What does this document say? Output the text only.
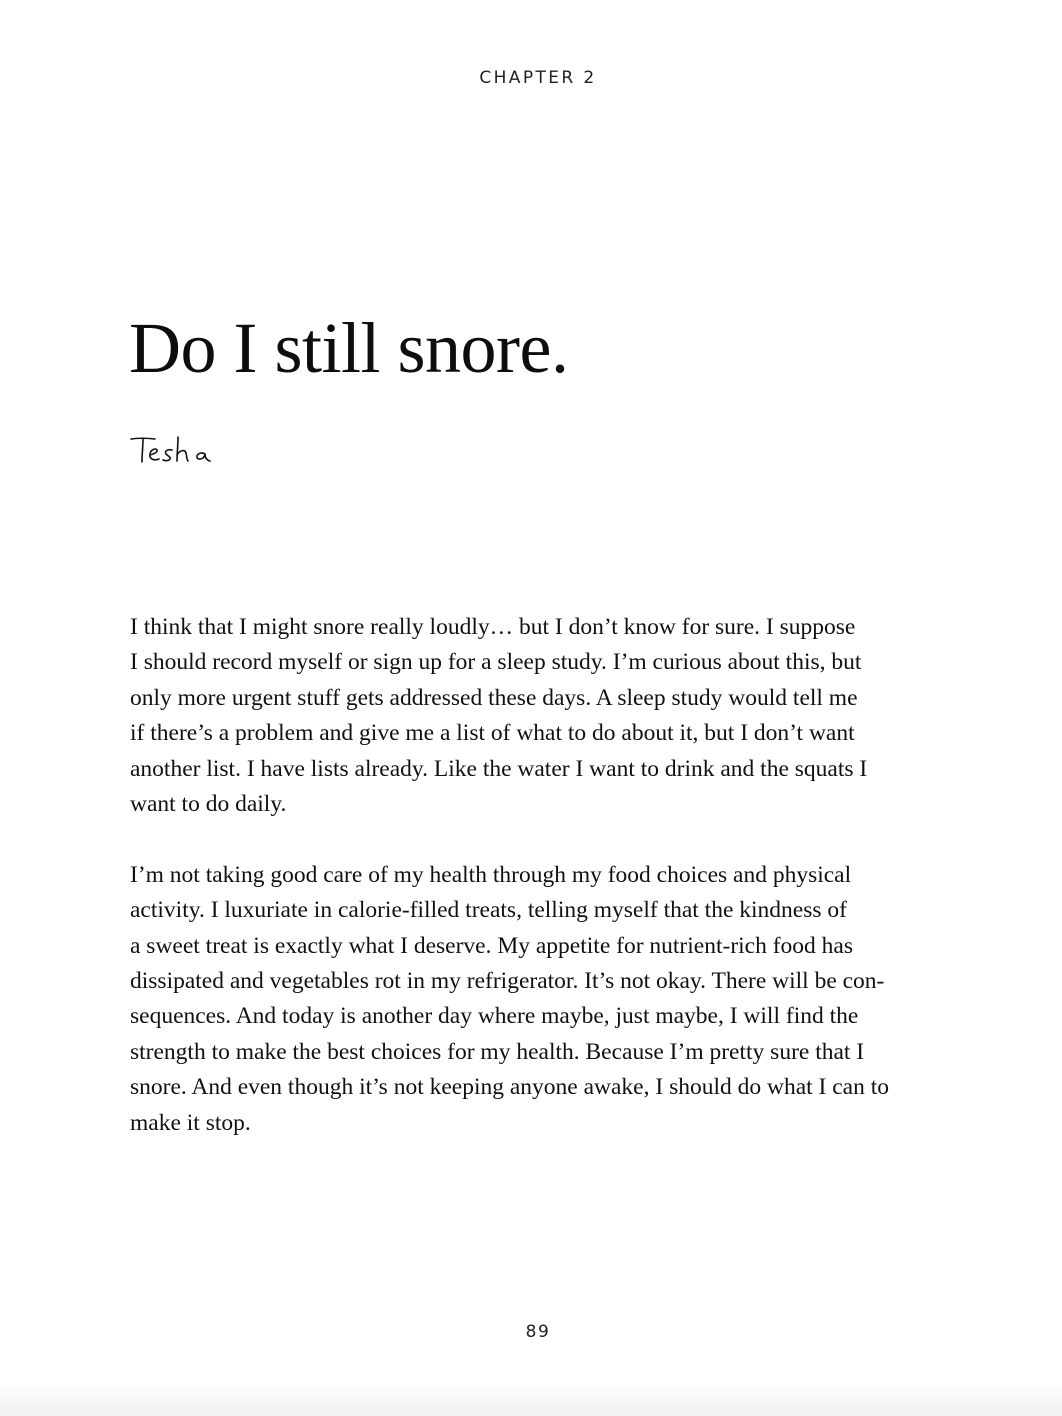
CHAPTER 2
Do I still snore.

I think that I might snore really loudly… but I don’t know for sure. I suppose
I should record myself or sign up for a sleep study. I’m curious about this, but
only more urgent stuff gets addressed these days. A sleep study would tell me
if there’s a problem and give me a list of what to do about it, but I don’t want
another list. I have lists already. Like the water I want to drink and the squats I
want to do daily.

I’m not taking good care of my health through my food choices and physical
activity. I luxuriate in calorie-filled treats, telling myself that the kindness of
a sweet treat is exactly what I deserve. My appetite for nutrient-rich food has
dissipated and vegetables rot in my refrigerator. It’s not okay. There will be con-
sequences. And today is another day where maybe, just maybe, I will find the
strength to make the best choices for my health. Because I’m pretty sure that I
snore. And even though it’s not keeping anyone awake, I should do what I can to
make it stop.

89
